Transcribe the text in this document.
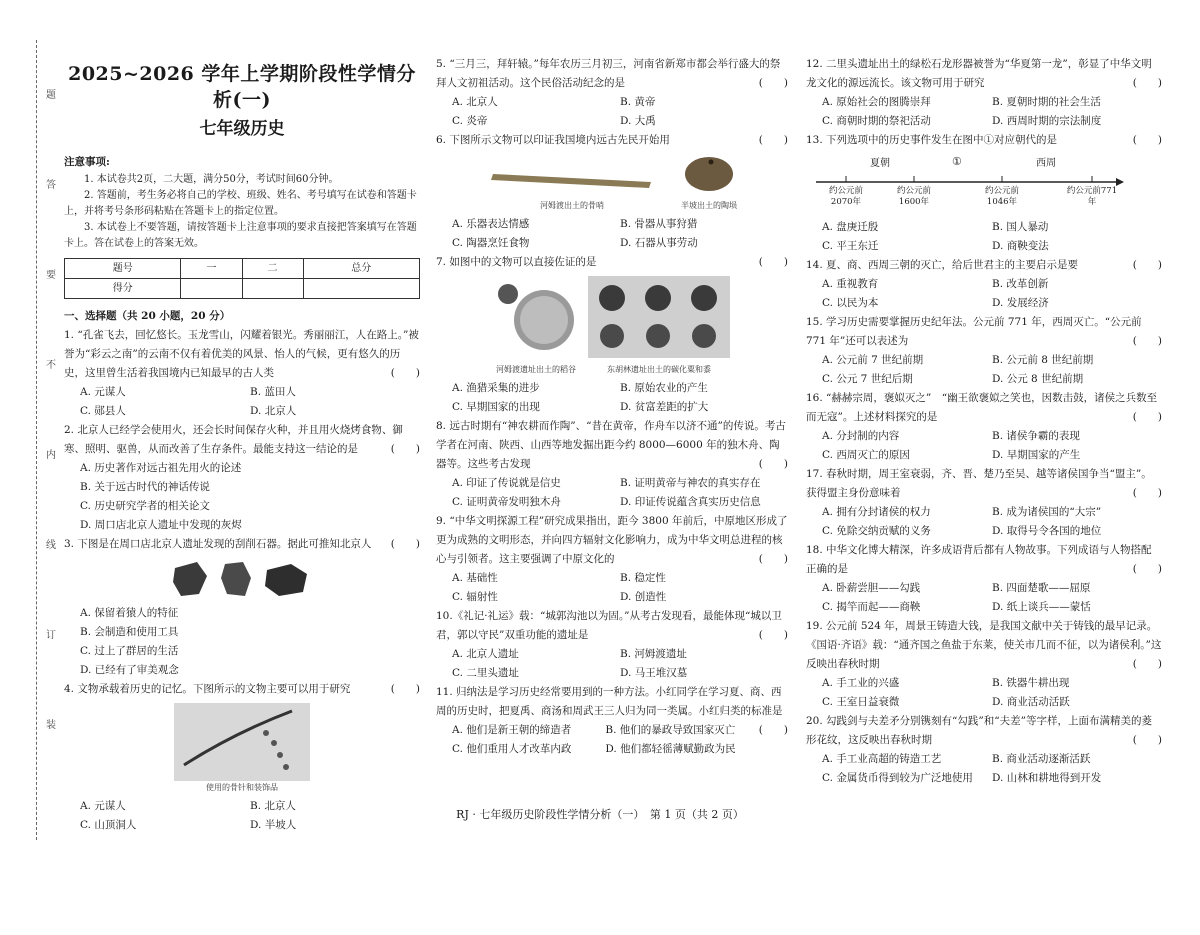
题
答
要
不
内
线
订
装
2025~2026 学年上学期阶段性学情分析(一)
七年级历史
注意事项:
1. 本试卷共2页，二大题，满分50分，考试时间60分钟。
2. 答题前，考生务必将自己的学校、班级、姓名、考号填写在试卷和答题卡上，并将考号条形码粘贴在答题卡上的指定位置。
3. 本试卷上不要答题，请按答题卡上注意事项的要求直接把答案填写在答题卡上。答在试卷上的答案无效。
题号	一	二	总分
得分			
一、选择题（共 20 小题，20 分）
1. “孔雀飞去，回忆悠长。玉龙雪山，闪耀着银光。秀丽丽江，人在路上。”被誉为“彩云之南”的云南不仅有着优美的风景、怡人的气候，更有悠久的历史，这里曾生活着我国境内已知最早的古人类	(　　)
A. 元谋人	B. 蓝田人
C. 郧县人	D. 北京人
2. 北京人已经学会使用火，还会长时间保存火种，并且用火烧烤食物、御寒、照明、驱兽，从而改善了生存条件。最能支持这一结论的是	(　　)
A. 历史著作对远古祖先用火的论述
B. 关于远古时代的神话传说
C. 历史研究学者的相关论文
D. 周口店北京人遗址中发现的灰烬
3. 下图是在周口店北京人遗址发现的刮削石器。据此可推知北京人 (　　)
A. 保留着猿人的特征
B. 会制造和使用工具
C. 过上了群居的生活
D. 已经有了审美观念
4. 文物承载着历史的记忆。下图所示的文物主要可以用于研究	(　　)
使用的骨针和装饰品
A. 元谋人	B. 北京人
C. 山顶洞人	D. 半坡人
5. “三月三，拜轩辕。”每年农历三月初三，河南省新郑市都会举行盛大的祭拜人文初祖活动。这个民俗活动纪念的是	(　　)
A. 北京人	B. 黄帝
C. 炎帝	D. 大禹
6. 下图所示文物可以印证我国境内远古先民开始用	(　　)
河姆渡出土的骨哨	半坡出土的陶埙
A. 乐器表达情感	B. 骨器从事狩猎
C. 陶器烹饪食物	D. 石器从事劳动
7. 如图中的文物可以直接佐证的是	(　　)
河姆渡遗址出土的稻谷	东胡林遗址出土的碳化粟和黍
A. 渔猎采集的进步	B. 原始农业的产生
C. 早期国家的出现	D. 贫富差距的扩大
8. 远古时期有“神农耕而作陶”、“昔在黄帝，作舟车以济不通”的传说。考古学者在河南、陕西、山西等地发掘出距今约 8000—6000 年的独木舟、陶器等。这些考古发现	(　　)
A. 印证了传说就是信史	B. 证明黄帝与神农的真实存在
C. 证明黄帝发明独木舟	D. 印证传说蕴含真实历史信息
9. “中华文明探源工程”研究成果指出，距今 3800 年前后，中原地区形成了更为成熟的文明形态，并向四方辐射文化影响力，成为中华文明总进程的核心与引领者。这主要强调了中原文化的	(　　)
A. 基础性	B. 稳定性
C. 辐射性	D. 创造性
10.《礼记·礼运》载：“城郭沟池以为固。”从考古发现看，最能体现“城以卫君，郭以守民”双重功能的遗址是	(　　)
A. 北京人遗址	B. 河姆渡遗址
C. 二里头遗址	D. 马王堆汉墓
11. 归纳法是学习历史经常要用到的一种方法。小红同学在学习夏、商、西周的历史时，把夏禹、商汤和周武王三人归为同一类属。小红归类的标准是
(　　)
A. 他们是新王朝的缔造者	B. 他们的暴政导致国家灭亡
C. 他们重用人才改革内政	D. 他们都轻徭薄赋勤政为民
12. 二里头遗址出土的绿松石龙形器被誉为“华夏第一龙”，彰显了中华文明龙文化的源远流长。该文物可用于研究	(　　)
A. 原始社会的图腾崇拜	B. 夏朝时期的社会生活
C. 商朝时期的祭祀活动	D. 西周时期的宗法制度
13. 下列选项中的历史事件发生在图中①对应朝代的是	(　　)
夏朝	①	西周
约公元前2070年
约公元前1600年
约公元前1046年
约公元前771年
A. 盘庚迁殷	B. 国人暴动
C. 平王东迁	D. 商鞅变法
14. 夏、商、西周三朝的灭亡，给后世君主的主要启示是要	(　　)
A. 重视教育	B. 改革创新
C. 以民为本	D. 发展经济
15. 学习历史需要掌握历史纪年法。公元前 771 年，西周灭亡。“公元前 771 年”还可以表述为	(　　)
A. 公元前 7 世纪前期	B. 公元前 8 世纪前期
C. 公元 7 世纪后期	D. 公元 8 世纪前期
16. “赫赫宗周，褒姒灭之”　“幽王欲褒姒之笑也，因数击鼓，诸侯之兵数至而无寇”。上述材料探究的是	(　　)
A. 分封制的内容	B. 诸侯争霸的表现
C. 西周灭亡的原因	D. 早期国家的产生
17. 春秋时期，周王室衰弱，齐、晋、楚乃至吴、越等诸侯国争当“盟主”。获得盟主身份意味着	(　　)
A. 拥有分封诸侯的权力	B. 成为诸侯国的“大宗”
C. 免除交纳贡赋的义务	D. 取得号令各国的地位
18. 中华文化博大精深，许多成语背后都有人物故事。下列成语与人物搭配正确的是	(　　)
A. 卧薪尝胆——勾践	B. 四面楚歌——屈原
C. 揭竿而起——商鞅	D. 纸上谈兵——蒙恬
19. 公元前 524 年，周景王铸造大钱，是我国文献中关于铸钱的最早记录。《国语·齐语》载：“通齐国之鱼盐于东莱，使关市几而不征，以为诸侯利。”这反映出春秋时期	(　　)
A. 手工业的兴盛	B. 铁器牛耕出现
C. 王室日益衰微	D. 商业活动活跃
20. 勾践剑与夫差矛分别镌刻有“勾践”和“夫差”等字样，上面布满精美的菱形花纹，这反映出春秋时期	(　　)
A. 手工业高超的铸造工艺	B. 商业活动逐渐活跃
C. 金属货币得到较为广泛地使用	D. 山林和耕地得到开发
RJ · 七年级历史阶段性学情分析（一）　第 1 页（共 2 页）
